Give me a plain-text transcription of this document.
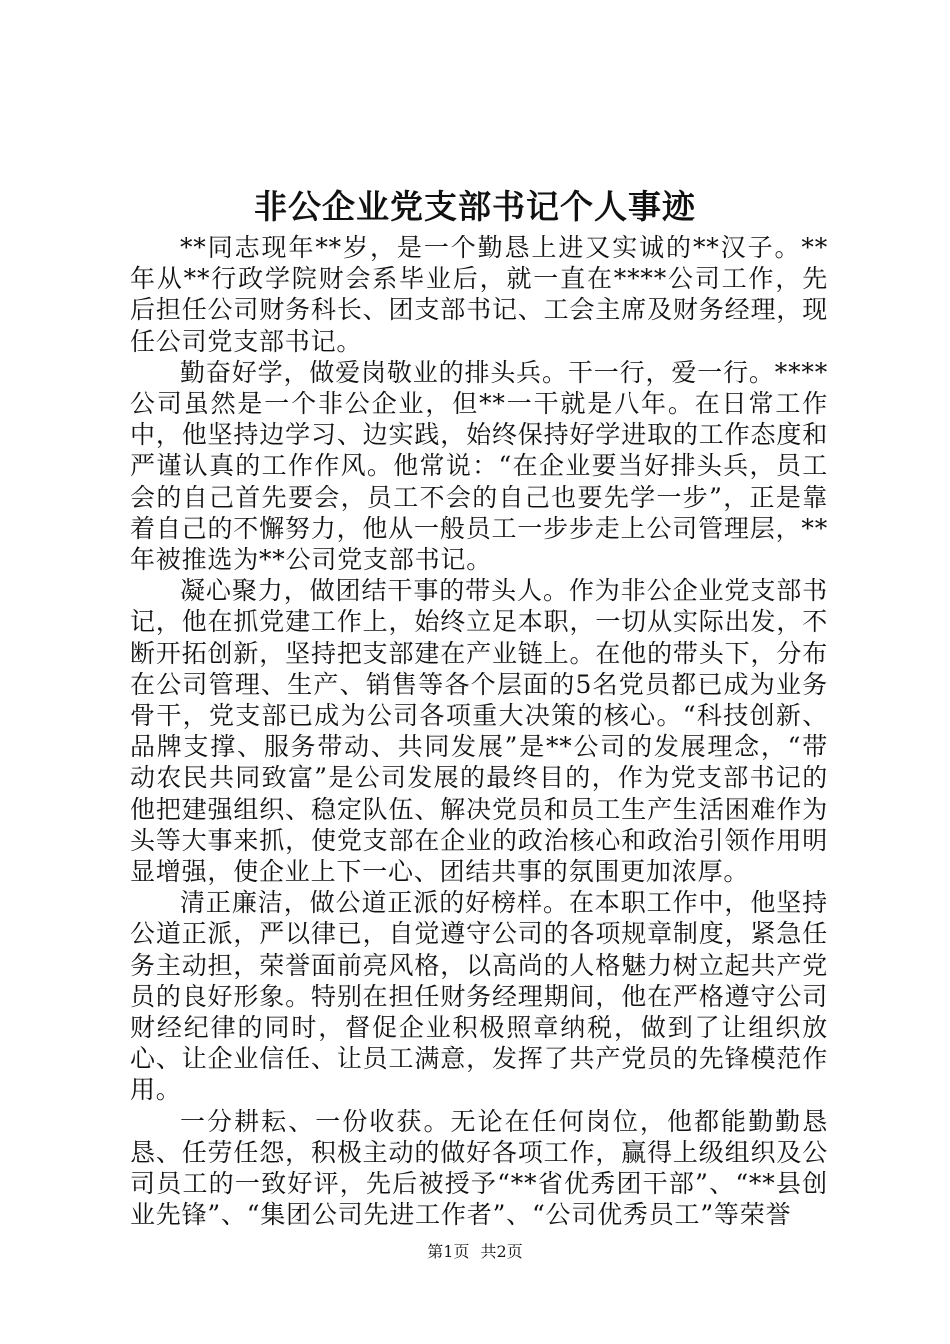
非公企业党支部书记个人事迹

**同志现年**岁，是一个勤恳上进又实诚的**汉子。**年从**行政学院财会系毕业后，就一直在****公司工作，先后担任公司财务科长、团支部书记、工会主席及财务经理，现任公司党支部书记。

勤奋好学，做爱岗敬业的排头兵。干一行，爱一行。****公司虽然是一个非公企业，但**一干就是八年。在日常工作中，他坚持边学习、边实践，始终保持好学进取的工作态度和严谨认真的工作作风。他常说：“在企业要当好排头兵，员工会的自己首先要会，员工不会的自己也要先学一步”，正是靠着自己的不懈努力，他从一般员工一步步走上公司管理层，**年被推选为**公司党支部书记。

凝心聚力，做团结干事的带头人。作为非公企业党支部书记，他在抓党建工作上，始终立足本职，一切从实际出发，不断开拓创新，坚持把支部建在产业链上。在他的带头下，分布在公司管理、生产、销售等各个层面的5名党员都已成为业务骨干，党支部已成为公司各项重大决策的核心。“科技创新、品牌支撑、服务带动、共同发展”是**公司的发展理念，“带动农民共同致富”是公司发展的最终目的，作为党支部书记的他把建强组织、稳定队伍、解决党员和员工生产生活困难作为头等大事来抓，使党支部在企业的政治核心和政治引领作用明显增强，使企业上下一心、团结共事的氛围更加浓厚。

清正廉洁，做公道正派的好榜样。在本职工作中，他坚持公道正派，严以律已，自觉遵守公司的各项规章制度，紧急任务主动担，荣誉面前亮风格，以高尚的人格魅力树立起共产党员的良好形象。特别在担任财务经理期间，他在严格遵守公司财经纪律的同时，督促企业积极照章纳税，做到了让组织放心、让企业信任、让员工满意，发挥了共产党员的先锋模范作用。

一分耕耘、一份收获。无论在任何岗位，他都能勤勤恳恳、任劳任怨，积极主动的做好各项工作，赢得上级组织及公司员工的一致好评，先后被授予“**省优秀团干部”、“**县创业先锋”、“集团公司先进工作者”、“公司优秀员工”等荣誉

第1页 共2页
